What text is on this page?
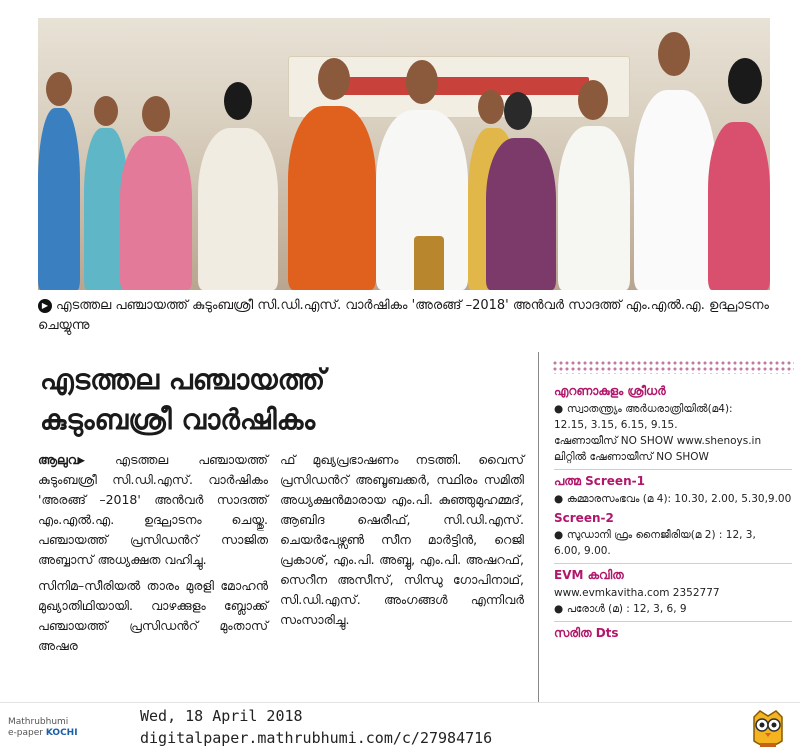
▶ എടത്തല പഞ്ചായത്ത് കുടുംബശ്രീ സി.ഡി.എസ്. വാർഷികം 'അരങ്ങ് –2018' അൻവർ സാദത്ത് എം.എൽ.എ. ഉദ്ഘാടനം ചെയ്യുന്നു
എടത്തല പഞ്ചായത്ത്
കുടുംബശ്രീ വാർഷികം

ആലുവ▸ എടത്തല പഞ്ചായത്ത് കുടുംബശ്രീ സി.ഡി.എസ്. വാർഷികം 'അരങ്ങ് –2018' അൻവർ സാദത്ത് എം.എൽ.എ. ഉദ്ഘാടനം ചെയ്തു. പഞ്ചായത്ത് പ്രസിഡൻറ് സാജിത അബ്ബാസ് അധ്യക്ഷത വഹിച്ചു.

സിനിമ–സീരിയൽ താരം മുരളി മോഹൻ മുഖ്യാതിഥിയായി. വാഴക്കുളം ബ്ലോക്ക് പഞ്ചായത്ത് പ്രസിഡൻറ് മുംതാസ് അഷര

ഫ് മുഖ്യപ്രഭാഷണം നടത്തി. വൈസ് പ്രസിഡൻറ് അബൂബക്കർ, സ്ഥിരം സമിതി അധ്യക്ഷൻമാരായ എം.പി. കുഞ്ഞുമുഹമ്മദ്, ആബിദ ഷെരീഫ്, സി.ഡി.എസ്. ചെയർപേഴ്സൺ സീന മാർട്ടിൻ, റെജി പ്രകാശ്, എം.പി. അബ്ബു, എം.പി. അഷറഫ്, സെറീന അസീസ്, സിന്ധു ഗോപിനാഥ്, സി.ഡി.എസ്. അംഗങ്ങൾ എന്നിവർ സംസാരിച്ചു.

എറണാകുളം ശ്രീധർ
● സ്വാതന്ത്ര്യം അർധരാത്രിയിൽ(മ4):
12.15, 3.15, 6.15, 9.15.
ഷേണായീസ് NO SHOW www.shenoys.in
ലിറ്റിൽ ഷേണായീസ് NO SHOW
പത്മ Screen-1
● കമ്മാരസംഭവം (മ 4): 10.30, 2.00, 5.30,9.00
Screen-2
● സുഡാനി ഫ്രം നൈജീരിയ(മ 2) : 12, 3,
6.00, 9.00.
EVM കവിത
www.evmkavitha.com 2352777
● പരോൾ (മ) : 12, 3, 6, 9
സരിത Dts
Mathrubhumi
e-paper KOCHI
Wed, 18 April 2018
digitalpaper.mathrubhumi.com/c/27984716
